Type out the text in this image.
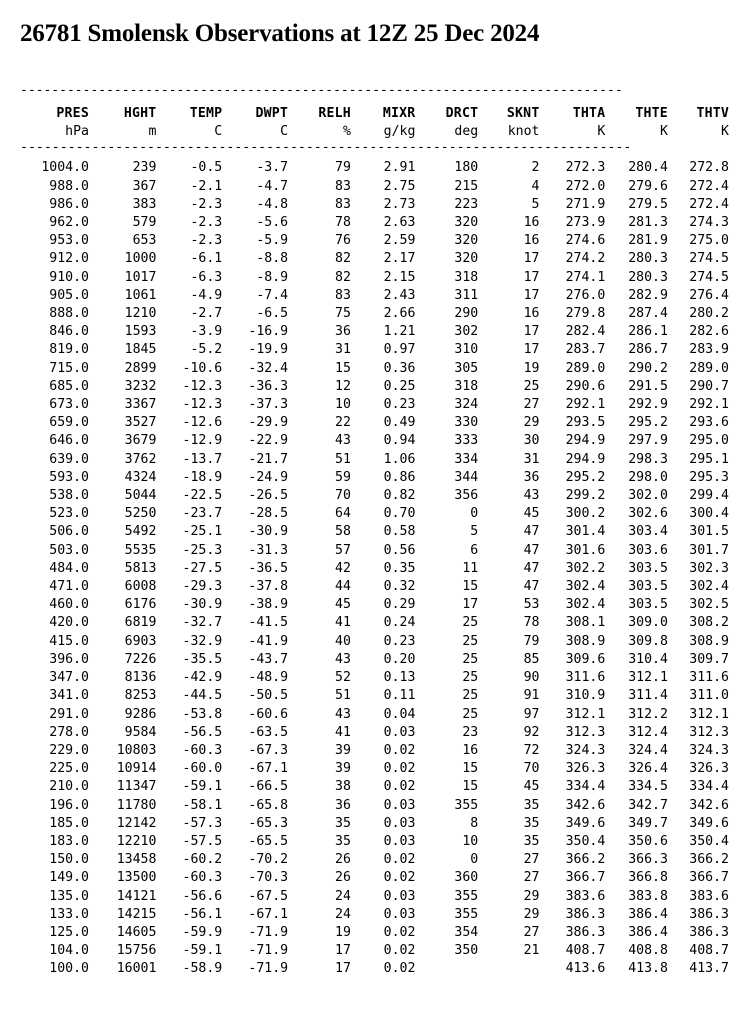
26781 Smolensk Observations at 12Z 25 Dec 2024
-----------------------------------------------------------------------------
PRES	HGHT	TEMP	DWPT	RELH	MIXR	DRCT	SKNT	THTA	THTE	THTV
hPa	m	C	C	%	g/kg	deg	knot	K	K	K
-----------------------------------------------------------------------------										
1004.0	239	-0.5	-3.7	79	2.91	180	2	272.3	280.4	272.8
988.0	367	-2.1	-4.7	83	2.75	215	4	272.0	279.6	272.4
986.0	383	-2.3	-4.8	83	2.73	223	5	271.9	279.5	272.4
962.0	579	-2.3	-5.6	78	2.63	320	16	273.9	281.3	274.3
953.0	653	-2.3	-5.9	76	2.59	320	16	274.6	281.9	275.0
912.0	1000	-6.1	-8.8	82	2.17	320	17	274.2	280.3	274.5
910.0	1017	-6.3	-8.9	82	2.15	318	17	274.1	280.3	274.5
905.0	1061	-4.9	-7.4	83	2.43	311	17	276.0	282.9	276.4
888.0	1210	-2.7	-6.5	75	2.66	290	16	279.8	287.4	280.2
846.0	1593	-3.9	-16.9	36	1.21	302	17	282.4	286.1	282.6
819.0	1845	-5.2	-19.9	31	0.97	310	17	283.7	286.7	283.9
715.0	2899	-10.6	-32.4	15	0.36	305	19	289.0	290.2	289.0
685.0	3232	-12.3	-36.3	12	0.25	318	25	290.6	291.5	290.7
673.0	3367	-12.3	-37.3	10	0.23	324	27	292.1	292.9	292.1
659.0	3527	-12.6	-29.9	22	0.49	330	29	293.5	295.2	293.6
646.0	3679	-12.9	-22.9	43	0.94	333	30	294.9	297.9	295.0
639.0	3762	-13.7	-21.7	51	1.06	334	31	294.9	298.3	295.1
593.0	4324	-18.9	-24.9	59	0.86	344	36	295.2	298.0	295.3
538.0	5044	-22.5	-26.5	70	0.82	356	43	299.2	302.0	299.4
523.0	5250	-23.7	-28.5	64	0.70	0	45	300.2	302.6	300.4
506.0	5492	-25.1	-30.9	58	0.58	5	47	301.4	303.4	301.5
503.0	5535	-25.3	-31.3	57	0.56	6	47	301.6	303.6	301.7
484.0	5813	-27.5	-36.5	42	0.35	11	47	302.2	303.5	302.3
471.0	6008	-29.3	-37.8	44	0.32	15	47	302.4	303.5	302.4
460.0	6176	-30.9	-38.9	45	0.29	17	53	302.4	303.5	302.5
420.0	6819	-32.7	-41.5	41	0.24	25	78	308.1	309.0	308.2
415.0	6903	-32.9	-41.9	40	0.23	25	79	308.9	309.8	308.9
396.0	7226	-35.5	-43.7	43	0.20	25	85	309.6	310.4	309.7
347.0	8136	-42.9	-48.9	52	0.13	25	90	311.6	312.1	311.6
341.0	8253	-44.5	-50.5	51	0.11	25	91	310.9	311.4	311.0
291.0	9286	-53.8	-60.6	43	0.04	25	97	312.1	312.2	312.1
278.0	9584	-56.5	-63.5	41	0.03	23	92	312.3	312.4	312.3
229.0	10803	-60.3	-67.3	39	0.02	16	72	324.3	324.4	324.3
225.0	10914	-60.0	-67.1	39	0.02	15	70	326.3	326.4	326.3
210.0	11347	-59.1	-66.5	38	0.02	15	45	334.4	334.5	334.4
196.0	11780	-58.1	-65.8	36	0.03	355	35	342.6	342.7	342.6
185.0	12142	-57.3	-65.3	35	0.03	8	35	349.6	349.7	349.6
183.0	12210	-57.5	-65.5	35	0.03	10	35	350.4	350.6	350.4
150.0	13458	-60.2	-70.2	26	0.02	0	27	366.2	366.3	366.2
149.0	13500	-60.3	-70.3	26	0.02	360	27	366.7	366.8	366.7
135.0	14121	-56.6	-67.5	24	0.03	355	29	383.6	383.8	383.6
133.0	14215	-56.1	-67.1	24	0.03	355	29	386.3	386.4	386.3
125.0	14605	-59.9	-71.9	19	0.02	354	27	386.3	386.4	386.3
104.0	15756	-59.1	-71.9	17	0.02	350	21	408.7	408.8	408.7
100.0	16001	-58.9	-71.9	17	0.02			413.6	413.8	413.7
